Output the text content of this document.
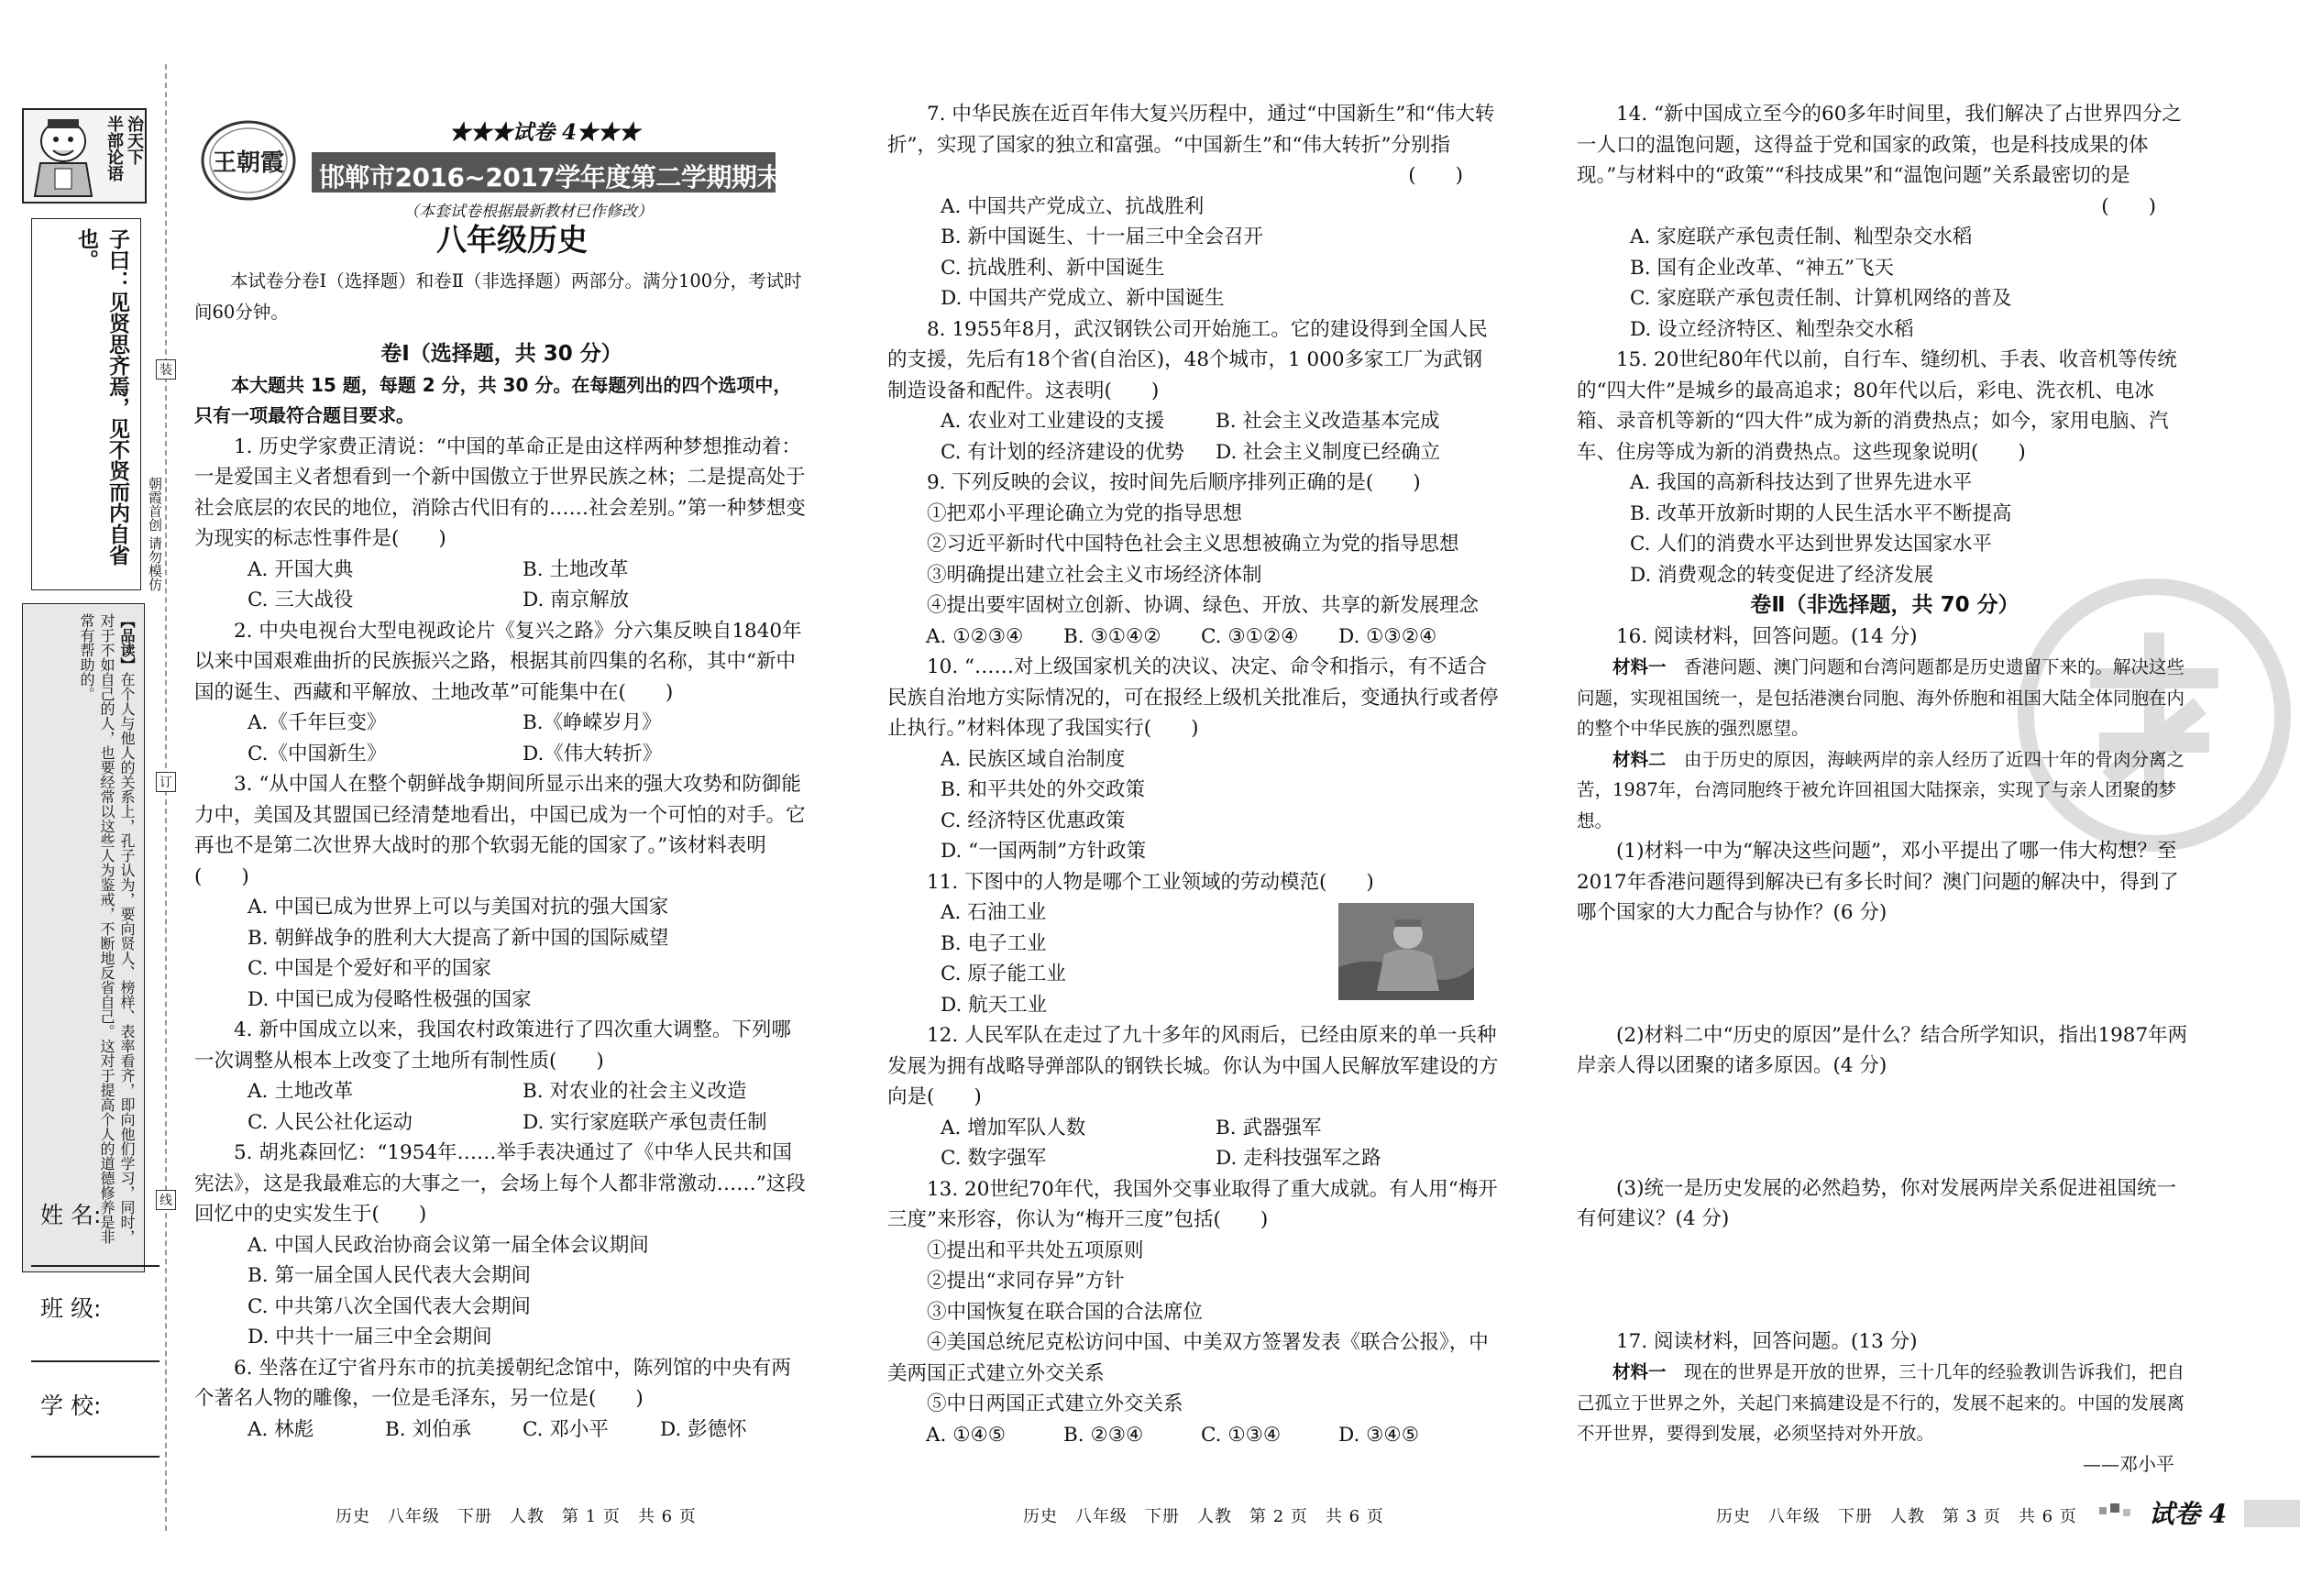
半部论语 治天下
子曰：见贤思齐焉，见不贤而内自省也。
【品读】在个人与他人的关系上，孔子认为，要向贤人、榜样、表率看齐，即向他们学习，同时，对于不如自己的人，也要经常以这些人为鉴戒，不断地反省自己。这对于提高个人的道德修养是非常有帮助的。
姓 名:
班 级:
学 校:
装
订
线
朝霞首创 请勿模仿
王朝霞
★★★试卷 4★★★
邯郸市2016~2017学年度第二学期期末考试试卷
（本套试卷根据最新教材已作修改）
八年级历史

本试卷分卷Ⅰ（选择题）和卷Ⅱ（非选择题）两部分。满分100分，考试时间60分钟。

卷Ⅰ（选择题，共 30 分）

本大题共 15 题，每题 2 分，共 30 分。在每题列出的四个选项中，只有一项最符合题目要求。

1. 历史学家费正清说：“中国的革命正是由这样两种梦想推动着：一是爱国主义者想看到一个新中国傲立于世界民族之林；二是提高处于社会底层的农民的地位，消除古代旧有的……社会差别。”第一种梦想变为现实的标志性事件是(　　)

A. 开国大典	B. 土地改革
C. 三大战役	D. 南京解放

2. 中央电视台大型电视政论片《复兴之路》分六集反映自1840年以来中国艰难曲折的民族振兴之路，根据其前四集的名称，其中“新中国的诞生、西藏和平解放、土地改革”可能集中在(　　)

A.《千年巨变》	B.《峥嵘岁月》
C.《中国新生》	D.《伟大转折》

3. “从中国人在整个朝鲜战争期间所显示出来的强大攻势和防御能力中，美国及其盟国已经清楚地看出，中国已成为一个可怕的对手。它再也不是第二次世界大战时的那个软弱无能的国家了。”该材料表明(　　)

A. 中国已成为世界上可以与美国对抗的强大国家

B. 朝鲜战争的胜利大大提高了新中国的国际威望

C. 中国是个爱好和平的国家

D. 中国已成为侵略性极强的国家

4. 新中国成立以来，我国农村政策进行了四次重大调整。下列哪一次调整从根本上改变了土地所有制性质(　　)

A. 土地改革	B. 对农业的社会主义改造
C. 人民公社化运动	D. 实行家庭联产承包责任制

5. 胡兆森回忆：“1954年……举手表决通过了《中华人民共和国宪法》，这是我最难忘的大事之一，会场上每个人都非常激动……”这段回忆中的史实发生于(　　)

A. 中国人民政治协商会议第一届全体会议期间

B. 第一届全国人民代表大会期间

C. 中共第八次全国代表大会期间

D. 中共十一届三中全会期间

6. 坐落在辽宁省丹东市的抗美援朝纪念馆中，陈列馆的中央有两个著名人物的雕像，一位是毛泽东，另一位是(　　)

A. 林彪	B. 刘伯承	C. 邓小平	D. 彭德怀

7. 中华民族在近百年伟大复兴历程中，通过“中国新生”和“伟大转折”，实现了国家的独立和富强。“中国新生”和“伟大转折”分别指

(　　)

A. 中国共产党成立、抗战胜利

B. 新中国诞生、十一届三中全会召开

C. 抗战胜利、新中国诞生

D. 中国共产党成立、新中国诞生

8. 1955年8月，武汉钢铁公司开始施工。它的建设得到全国人民的支援，先后有18个省(自治区)，48个城市，1 000多家工厂为武钢制造设备和配件。这表明(　　)

A. 农业对工业建设的支援	B. 社会主义改造基本完成
C. 有计划的经济建设的优势	D. 社会主义制度已经确立

9. 下列反映的会议，按时间先后顺序排列正确的是(　　)

①把邓小平理论确立为党的指导思想

②习近平新时代中国特色社会主义思想被确立为党的指导思想

③明确提出建立社会主义市场经济体制

④提出要牢固树立创新、协调、绿色、开放、共享的新发展理念

A. ①②③④	B. ③①④②	C. ③①②④	D. ①③②④

10. “……对上级国家机关的决议、决定、命令和指示，有不适合民族自治地方实际情况的，可在报经上级机关批准后，变通执行或者停止执行。”材料体现了我国实行(　　)

A. 民族区域自治制度

B. 和平共处的外交政策

C. 经济特区优惠政策

D. “一国两制”方针政策

11. 下图中的人物是哪个工业领域的劳动模范(　　)

A. 石油工业

B. 电子工业

C. 原子能工业

D. 航天工业

12. 人民军队在走过了九十多年的风雨后，已经由原来的单一兵种发展为拥有战略导弹部队的钢铁长城。你认为中国人民解放军建设的方向是(　　)

A. 增加军队人数	B. 武器强军
C. 数字强军	D. 走科技强军之路

13. 20世纪70年代，我国外交事业取得了重大成就。有人用“梅开三度”来形容，你认为“梅开三度”包括(　　)

①提出和平共处五项原则

②提出“求同存异”方针

③中国恢复在联合国的合法席位

④美国总统尼克松访问中国、中美双方签署发表《联合公报》，中美两国正式建立外交关系

⑤中日两国正式建立外交关系

A. ①④⑤	B. ②③④	C. ①③④	D. ③④⑤

14. “新中国成立至今的60多年时间里，我们解决了占世界四分之一人口的温饱问题，这得益于党和国家的政策，也是科技成果的体现。”与材料中的“政策”“科技成果”和“温饱问题”关系最密切的是

(　　)

A. 家庭联产承包责任制、籼型杂交水稻

B. 国有企业改革、“神五”飞天

C. 家庭联产承包责任制、计算机网络的普及

D. 设立经济特区、籼型杂交水稻

15. 20世纪80年代以前，自行车、缝纫机、手表、收音机等传统的“四大件”是城乡的最高追求；80年代以后，彩电、洗衣机、电冰箱、录音机等新的“四大件”成为新的消费热点；如今，家用电脑、汽车、住房等成为新的消费热点。这些现象说明(　　)

A. 我国的高新科技达到了世界先进水平

B. 改革开放新时期的人民生活水平不断提高

C. 人们的消费水平达到世界发达国家水平

D. 消费观念的转变促进了经济发展

卷Ⅱ（非选择题，共 70 分）

16. 阅读材料，回答问题。(14 分)

材料一　 香港问题、澳门问题和台湾问题都是历史遗留下来的。解决这些问题，实现祖国统一，是包括港澳台同胞、海外侨胞和祖国大陆全体同胞在内的整个中华民族的强烈愿望。

材料二　 由于历史的原因，海峡两岸的亲人经历了近四十年的骨肉分离之苦，1987年，台湾同胞终于被允许回祖国大陆探亲，实现了与亲人团聚的梦想。

(1)材料一中为“解决这些问题”，邓小平提出了哪一伟大构想？至2017年香港问题得到解决已有多长时间？澳门问题的解决中，得到了哪个国家的大力配合与协作？(6 分)

(2)材料二中“历史的原因”是什么？结合所学知识，指出1987年两岸亲人得以团聚的诸多原因。(4 分)

(3)统一是历史发展的必然趋势，你对发展两岸关系促进祖国统一有何建议？(4 分)

17. 阅读材料，回答问题。(13 分)

材料一　 现在的世界是开放的世界，三十几年的经验教训告诉我们，把自己孤立于世界之外，关起门来搞建设是不行的，发展不起来的。中国的发展离不开世界，要得到发展，必须坚持对外开放。

——邓小平

历史　八年级　下册　人教　第 1 页　共 6 页	历史　八年级　下册　人教　第 2 页　共 6 页	历史　八年级　下册　人教　第 3 页　共 6 页	试卷 4
